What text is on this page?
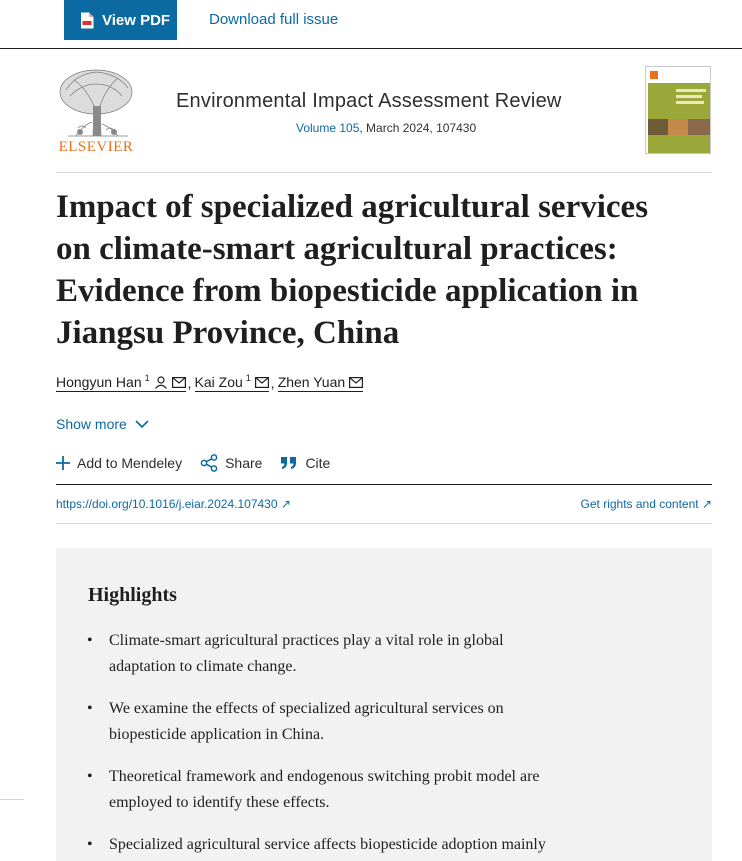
View PDF	Download full issue
ELSEVIER
Environmental Impact Assessment Review
Volume 105, March 2024, 107430
Impact of specialized agricultural services
on climate-smart agricultural practices:
Evidence from biopesticide application in
Jiangsu Province, China
Hongyun Han $^1$	, Kai Zou $^1$ , Zhen Yuan
Show more
Add to Mendeley	Share	Cite
https://doi.org/10.1016/j.eiar.2024.107430 ↗	Get rights and content ↗
Highlights
• Climate-smart agricultural practices play a vital role in global
adaptation to climate change.
• We examine the effects of specialized agricultural services on
biopesticide application in China.
• Theoretical framework and endogenous switching probit model are
employed to identify these effects.
• Specialized agricultural service affects biopesticide adoption mainly
